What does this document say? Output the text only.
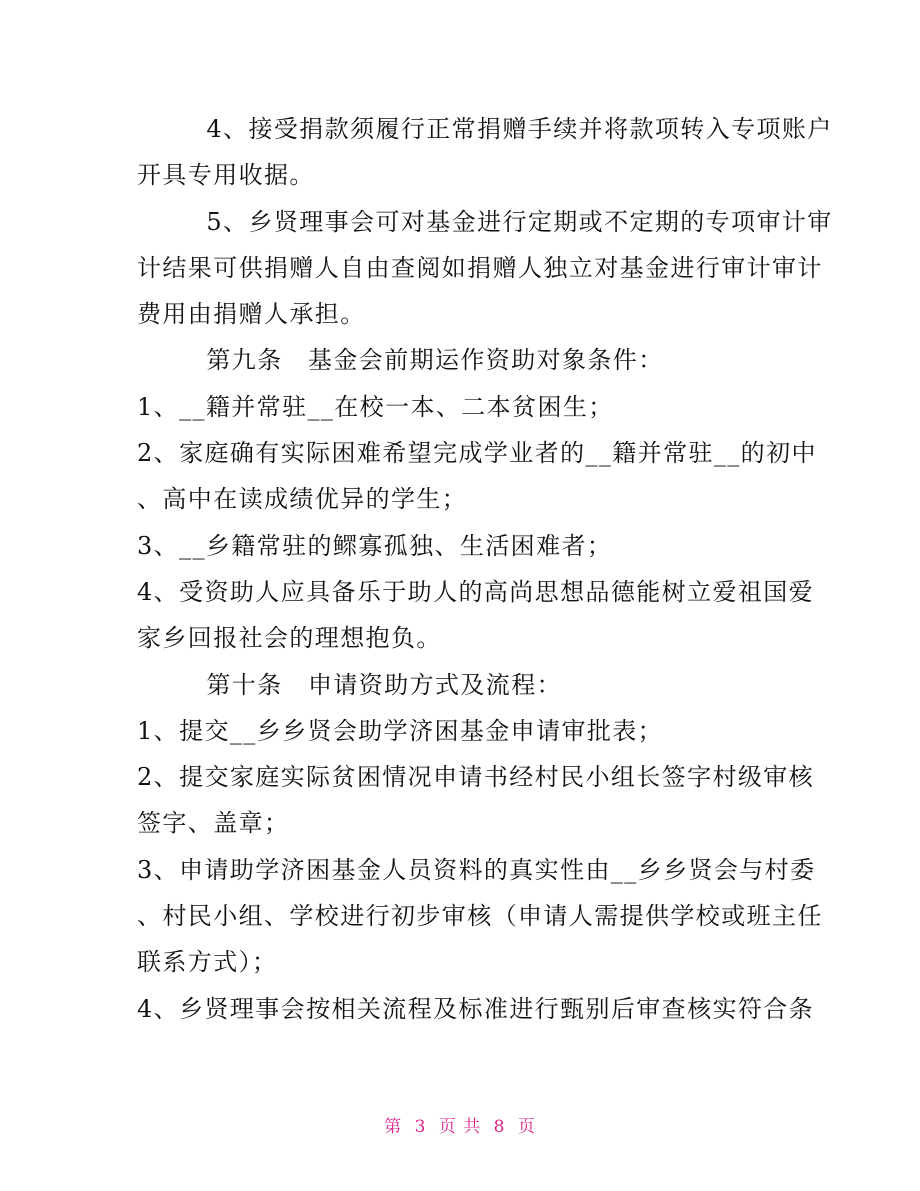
　4、接受捐款须履行正常捐赠手续并将款项转入专项账户

开具专用收据。

　5、乡贤理事会可对基金进行定期或不定期的专项审计审

计结果可供捐赠人自由查阅如捐赠人独立对基金进行审计审计

费用由捐赠人承担。

　第九条　基金会前期运作资助对象条件：

1、__籍并常驻__在校一本、二本贫困生；

2、家庭确有实际困难希望完成学业者的__籍并常驻__的初中

、高中在读成绩优异的学生；

3、__乡籍常驻的鳏寡孤独、生活困难者；

4、受资助人应具备乐于助人的高尚思想品德能树立爱祖国爱

家乡回报社会的理想抱负。

　第十条　申请资助方式及流程：

1、提交__乡乡贤会助学济困基金申请审批表；

2、提交家庭实际贫困情况申请书经村民小组长签字村级审核

签字、盖章；

3、申请助学济困基金人员资料的真实性由__乡乡贤会与村委

、村民小组、学校进行初步审核（申请人需提供学校或班主任

联系方式）；

4、乡贤理事会按相关流程及标准进行甄别后审查核实符合条

第 3 页 共 8 页
